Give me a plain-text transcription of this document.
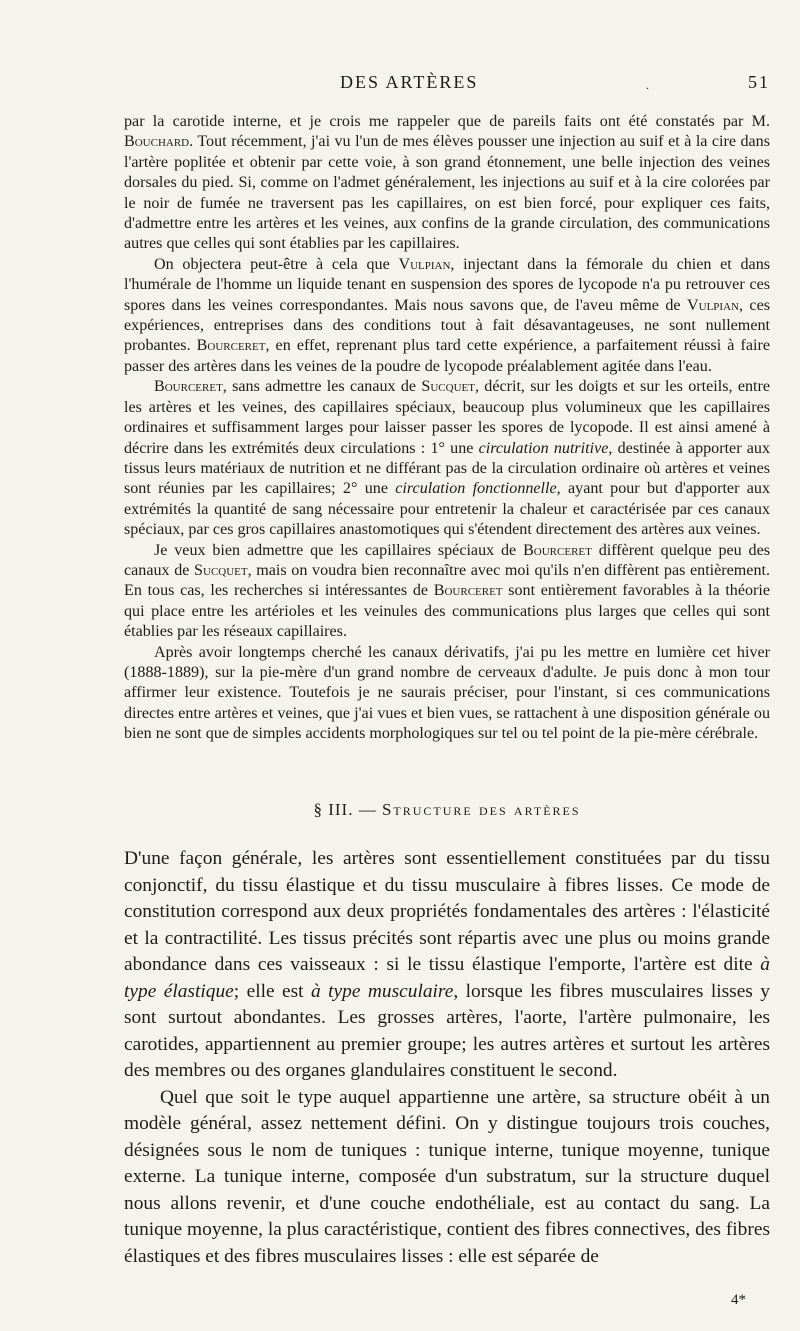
DES ARTÈRES	.	51

par la carotide interne, et je crois me rappeler que de pareils faits ont été constatés par M. Bouchard. Tout récemment, j'ai vu l'un de mes élèves pousser une injection au suif et à la cire dans l'artère poplitée et obtenir par cette voie, à son grand étonnement, une belle injection des veines dorsales du pied. Si, comme on l'admet généralement, les injections au suif et à la cire colorées par le noir de fumée ne traversent pas les capillaires, on est bien forcé, pour expliquer ces faits, d'admettre entre les artères et les veines, aux confins de la grande circulation, des communications autres que celles qui sont établies par les capillaires.

On objectera peut-être à cela que Vulpian, injectant dans la fémorale du chien et dans l'humérale de l'homme un liquide tenant en suspension des spores de lycopode n'a pu retrouver ces spores dans les veines correspondantes. Mais nous savons que, de l'aveu même de Vulpian, ces expériences, entreprises dans des conditions tout à fait désavantageuses, ne sont nullement probantes. Bourceret, en effet, reprenant plus tard cette expérience, a parfaitement réussi à faire passer des artères dans les veines de la poudre de lycopode préalablement agitée dans l'eau.

Bourceret, sans admettre les canaux de Sucquet, décrit, sur les doigts et sur les orteils, entre les artères et les veines, des capillaires spéciaux, beaucoup plus volumineux que les capillaires ordinaires et suffisamment larges pour laisser passer les spores de lycopode. Il est ainsi amené à décrire dans les extrémités deux circulations : 1° une circulation nutritive, destinée à apporter aux tissus leurs matériaux de nutrition et ne différant pas de la circulation ordinaire où artères et veines sont réunies par les capillaires; 2° une circulation fonctionnelle, ayant pour but d'apporter aux extrémités la quantité de sang nécessaire pour entretenir la chaleur et caractérisée par ces canaux spéciaux, par ces gros capillaires anastomotiques qui s'étendent directement des artères aux veines.

Je veux bien admettre que les capillaires spéciaux de Bourceret diffèrent quelque peu des canaux de Sucquet, mais on voudra bien reconnaître avec moi qu'ils n'en diffèrent pas entièrement. En tous cas, les recherches si intéressantes de Bourceret sont entièrement favorables à la théorie qui place entre les artérioles et les veinules des communications plus larges que celles qui sont établies par les réseaux capillaires.

Après avoir longtemps cherché les canaux dérivatifs, j'ai pu les mettre en lumière cet hiver (1888-1889), sur la pie-mère d'un grand nombre de cerveaux d'adulte. Je puis donc à mon tour affirmer leur existence. Toutefois je ne saurais préciser, pour l'instant, si ces communications directes entre artères et veines, que j'ai vues et bien vues, se rattachent à une disposition générale ou bien ne sont que de simples accidents morphologiques sur tel ou tel point de la pie-mère cérébrale.

§ III. — Structure des artères

D'une façon générale, les artères sont essentiellement constituées par du tissu conjonctif, du tissu élastique et du tissu musculaire à fibres lisses. Ce mode de constitution correspond aux deux propriétés fondamentales des artères : l'élasticité et la contractilité. Les tissus précités sont répartis avec une plus ou moins grande abondance dans ces vaisseaux : si le tissu élastique l'emporte, l'artère est dite à type élastique; elle est à type musculaire, lorsque les fibres musculaires lisses y sont surtout abondantes. Les grosses artères, l'aorte, l'artère pulmonaire, les carotides, appartiennent au premier groupe; les autres artères et surtout les artères des membres ou des organes glandulaires constituent le second.

Quel que soit le type auquel appartienne une artère, sa structure obéit à un modèle général, assez nettement défini. On y distingue toujours trois couches, désignées sous le nom de tuniques : tunique interne, tunique moyenne, tunique externe. La tunique interne, composée d'un substratum, sur la structure duquel nous allons revenir, et d'une couche endothéliale, est au contact du sang. La tunique moyenne, la plus caractéristique, contient des fibres connectives, des fibres élastiques et des fibres musculaires lisses : elle est séparée de

4*
